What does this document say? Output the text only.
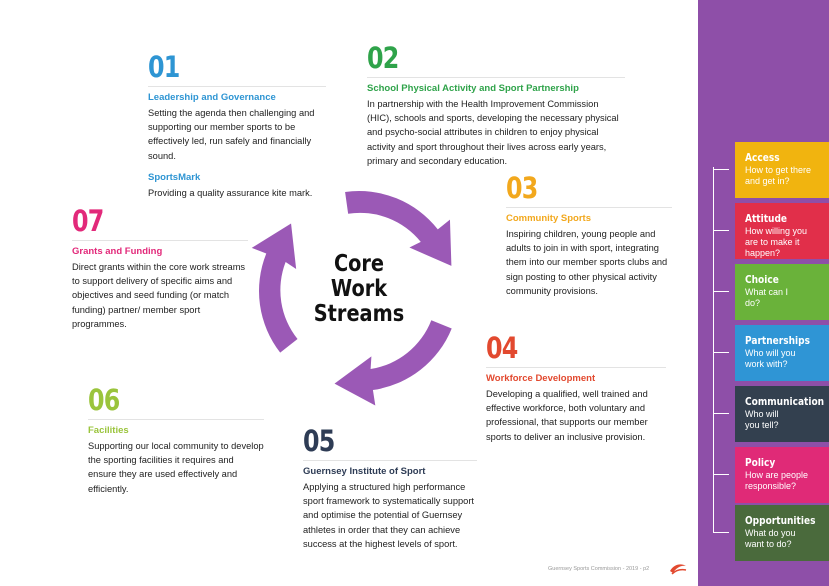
01
Leadership and Governance
Setting the agenda then challenging and supporting our member sports to be effectively led, run safely and financially sound.
SportsMark
Providing a quality assurance kite mark.
02
School Physical Activity and Sport Partnership
In partnership with the Health Improvement Commission (HIC), schools and sports, developing the necessary physical and psycho-social attributes in children to enjoy physical activity and sport throughout their lives across early years, primary and secondary education.
03
Community Sports
Inspiring children, young people and adults to join in with sport, integrating them into our member sports clubs and sign posting to other physical activity community provisions.
04
Workforce Development
Developing a qualified, well trained and effective workforce, both voluntary and professional, that supports our member sports to deliver an inclusive provision.
05
Guernsey Institute of Sport
Applying a structured high performance sport framework to systematically support and optimise the potential of Guernsey athletes in order that they can achieve success at the highest levels of sport.
06
Facilities
Supporting our local community to develop the sporting facilities it requires and ensure they are used effectively and efficiently.
07
Grants and Funding
Direct grants within the core work streams to support delivery of specific aims and objectives and seed funding (or match funding) partner/ member sport programmes.
Core
Work
Streams
Inclusion is no longer a separate workstream as we work to embed the 7 Pillars of Inclusion into everything we do	Access
How to get there and get in?
Attitude
How willing you are to make it happen?
Choice
What can I do?
Partnerships
Who will you work with?
Communication
Who will you tell?
Policy
How are people responsible?
Opportunities
What do you want to do?
Guernsey Sports Commission - 2019 - p2
